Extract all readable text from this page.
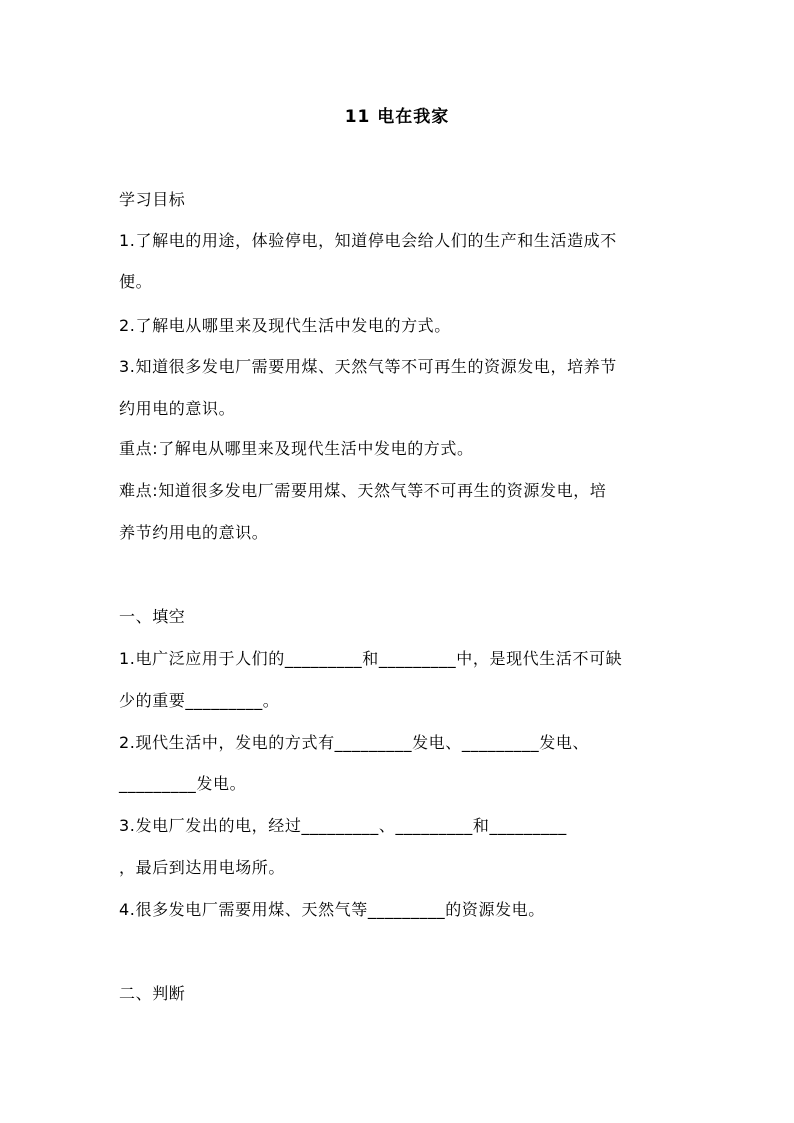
11 电在我家
学习目标
1.了解电的用途，体验停电，知道停电会给人们的生产和生活造成不
便。
2.了解电从哪里来及现代生活中发电的方式。
3.知道很多发电厂需要用煤、天然气等不可再生的资源发电，培养节
约用电的意识。
重点:了解电从哪里来及现代生活中发电的方式。
难点:知道很多发电厂需要用煤、天然气等不可再生的资源发电，培
养节约用电的意识。
一、填空
1.电广泛应用于人们的_________和_________中，是现代生活不可缺
少的重要_________。
2.现代生活中，发电的方式有_________发电、_________发电、
_________发电。
3.发电厂发出的电，经过_________、_________和_________
，最后到达用电场所。
4.很多发电厂需要用煤、天然气等_________的资源发电。
二、判断
